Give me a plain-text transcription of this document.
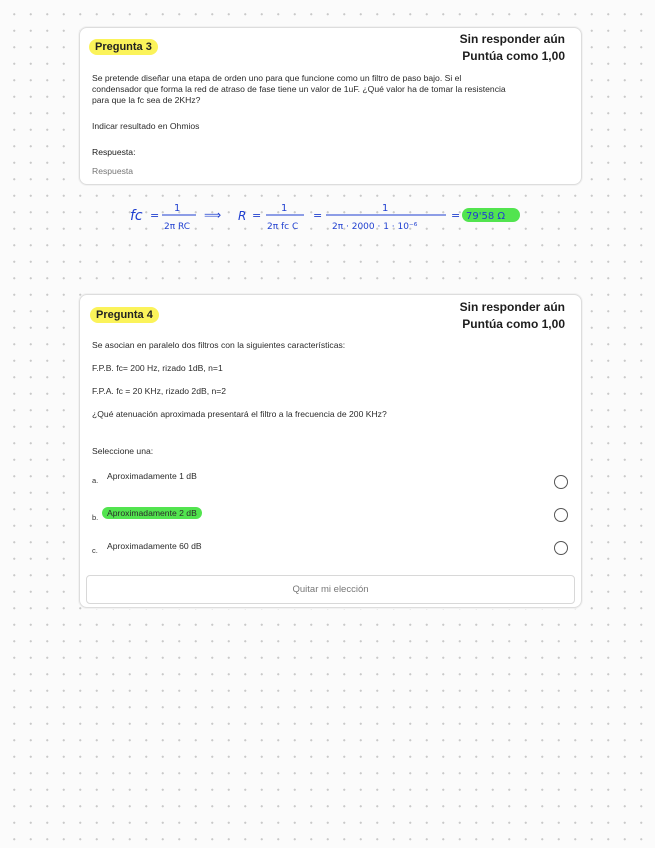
Pregunta 3
Sin responder aún
Puntúa como 1,00
Se pretende diseñar una etapa de orden uno para que funcione como un filtro de paso bajo. Si el
condensador que forma la red de atraso de fase tiene un valor de 1uF. ¿Qué valor ha de tomar la resistencia
para que la fc sea de 2KHz?
Indicar resultado en Ohmios
Respuesta:
Respuesta
fc =
1
2π RC
⟹ R =
1
2π fc C
=
1
2π · 2000 · 1 · 10⁻⁶
= 79'58 Ω
Pregunta 4
Sin responder aún
Puntúa como 1,00
Se asocian en paralelo dos filtros con la siguientes características:
F.P.B. fc= 200 Hz, rizado 1dB, n=1
F.P.A. fc = 20 KHz, rizado 2dB, n=2
¿Qué atenuación aproximada presentará el filtro a la frecuencia de 200 KHz?
Seleccione una:
a. Aproximadamente 1 dB
b.	Aproximadamente 2 dB
c. Aproximadamente 60 dB
Quitar mi elección
